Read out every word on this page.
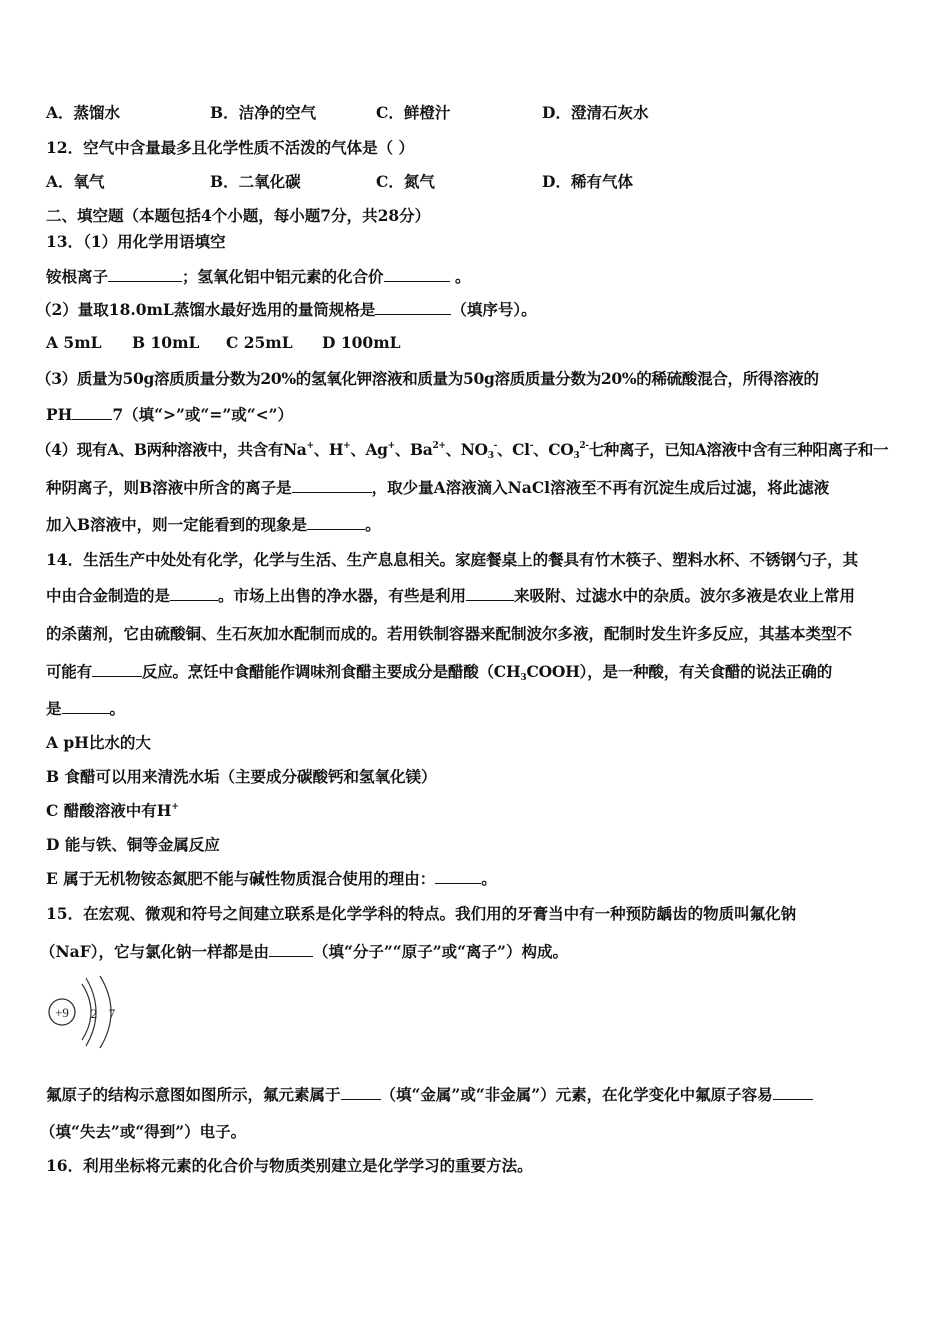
A．蒸馏水	B．洁净的空气	C．鲜橙汁	D．澄清石灰水
12．空气中含量最多且化学性质不活泼的气体是（ ）
A．氧气	B．二氧化碳	C．氮气	D．稀有气体
二、填空题（本题包括4个小题，每小题7分，共28分）
13．（1）用化学用语填空
铵根离子	；氢氧化铝中铝元素的化合价	。
（2）量取18.0mL蒸馏水最好选用的量筒规格是	（填序号）。
A 5mL B 10mL C 25mL D 100mL
（3）质量为50g溶质质量分数为20%的氢氧化钾溶液和质量为50g溶质质量分数为20%的稀硫酸混合，所得溶液的
PH	7（填“>”或“=”或“<”）
（4）现有A、B两种溶液中，共含有Na+、H+、Ag+、$Ba^{2+}$、$NO_3^-$、Cl-、$CO_3^{2-}$七种离子，已知A溶液中含有三种阳离子和一
种阴离子，则B溶液中所含的离子是	，取少量A溶液滴入NaCl溶液至不再有沉淀生成后过滤，将此滤液
加入B溶液中，则一定能看到的现象是	。
14．生活生产中处处有化学，化学与生活、生产息息相关。家庭餐桌上的餐具有竹木筷子、塑料水杯、不锈钢勺子，其
中由合金制造的是	。市场上出售的净水器，有些是利用	来吸附、过滤水中的杂质。波尔多液是农业上常用
的杀菌剂，它由硫酸铜、生石灰加水配制而成的。若用铁制容器来配制波尔多液，配制时发生许多反应，其基本类型不
可能有	反应。烹饪中食醋能作调味剂食醋主要成分是醋酸$(CH_3COOH)$，是一种酸，有关食醋的说法正确的
是	。
A pH比水的大
B 食醋可以用来清洗水垢（主要成分碳酸钙和氢氧化镁）
C 醋酸溶液中有H+
D 能与铁、铜等金属反应
E 属于无机物铵态氮肥不能与碱性物质混合使用的理由：	。
15．在宏观、微观和符号之间建立联系是化学学科的特点。我们用的牙膏当中有一种预防龋齿的物质叫氟化钠
（NaF），它与氯化钠一样都是由	（填“分子”“原子”或“离子”）构成。
+9 2 7
氟原子的结构示意图如图所示，氟元素属于	（填“金属”或“非金属”）元素，在化学变化中氟原子容易
（填“失去”或“得到”）电子。
16．利用坐标将元素的化合价与物质类别建立是化学学习的重要方法。
